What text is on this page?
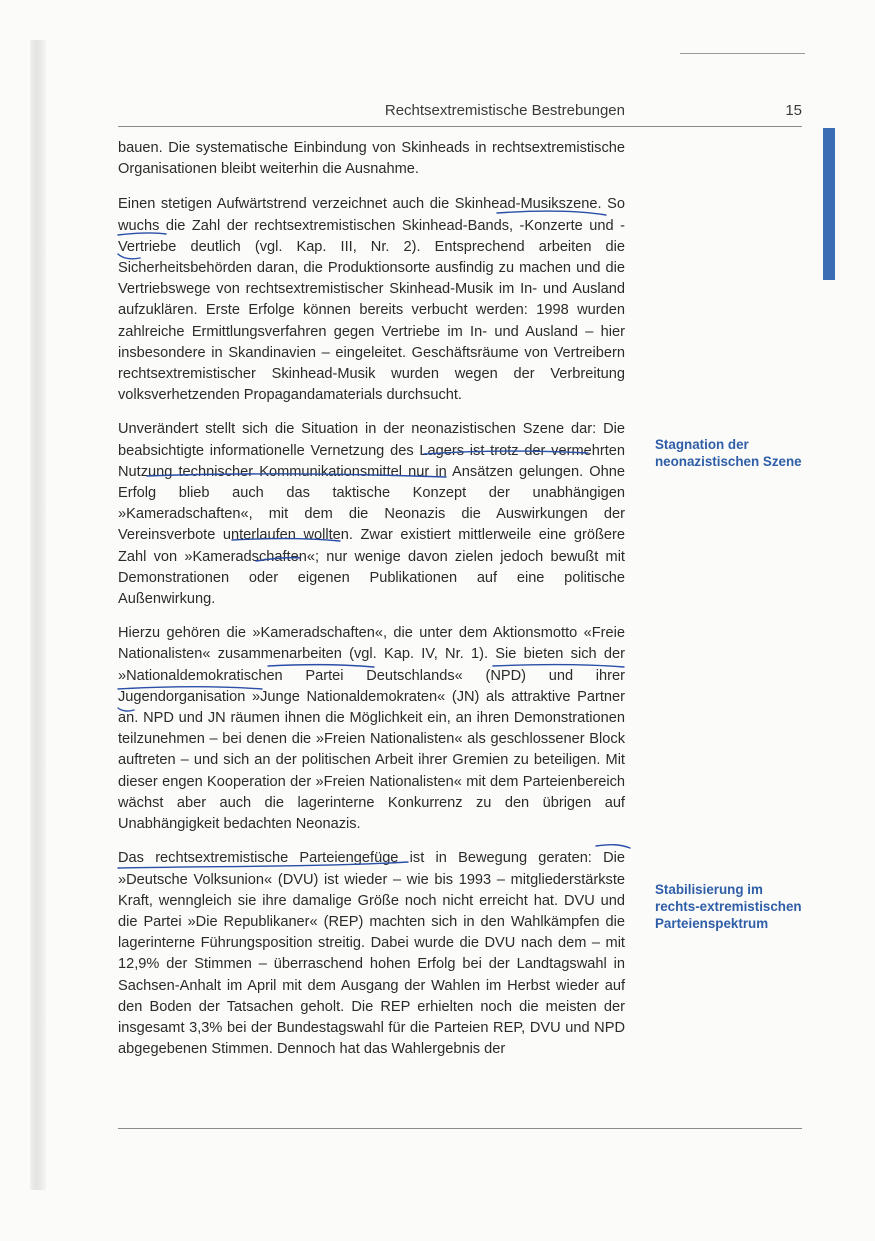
Rechtsextremistische Bestrebungen	15

bauen. Die systematische Einbindung von Skinheads in rechtsextremistische Organisationen bleibt weiterhin die Ausnahme.

Einen stetigen Aufwärtstrend verzeichnet auch die Skinhead-Musikszene. So wuchs die Zahl der rechtsextremistischen Skinhead-Bands, -Konzerte und -Vertriebe deutlich (vgl. Kap. III, Nr. 2). Entsprechend arbeiten die Sicherheitsbehörden daran, die Produktionsorte ausfindig zu machen und die Vertriebswege von rechtsextremistischer Skinhead-Musik im In- und Ausland aufzuklären. Erste Erfolge können bereits verbucht werden: 1998 wurden zahlreiche Ermittlungsverfahren gegen Vertriebe im In- und Ausland – hier insbesondere in Skandinavien – eingeleitet. Geschäftsräume von Vertreibern rechtsextremistischer Skinhead-Musik wurden wegen der Verbreitung volksverhetzenden Propagandamaterials durchsucht.

Unverändert stellt sich die Situation in der neonazistischen Szene dar: Die beabsichtigte informationelle Vernetzung des Lagers ist trotz der vermehrten Nutzung technischer Kommunikationsmittel nur in Ansätzen gelungen. Ohne Erfolg blieb auch das taktische Konzept der unabhängigen »Kameradschaften«, mit dem die Neonazis die Auswirkungen der Vereinsverbote unterlaufen wollten. Zwar existiert mittlerweile eine größere Zahl von »Kameradschaften«; nur wenige davon zielen jedoch bewußt mit Demonstrationen oder eigenen Publikationen auf eine politische Außenwirkung.

Hierzu gehören die »Kameradschaften«, die unter dem Aktionsmotto «Freie Nationalisten« zusammenarbeiten (vgl. Kap. IV, Nr. 1). Sie bieten sich der »Nationaldemokratischen Partei Deutschlands« (NPD) und ihrer Jugendorganisation »Junge Nationaldemokraten« (JN) als attraktive Partner an. NPD und JN räumen ihnen die Möglichkeit ein, an ihren Demonstrationen teilzunehmen – bei denen die »Freien Nationalisten« als geschlossener Block auftreten – und sich an der politischen Arbeit ihrer Gremien zu beteiligen. Mit dieser engen Kooperation der »Freien Nationalisten« mit dem Parteienbereich wächst aber auch die lagerinterne Konkurrenz zu den übrigen auf Unabhängigkeit bedachten Neonazis.

Das rechtsextremistische Parteiengefüge ist in Bewegung geraten: Die »Deutsche Volksunion« (DVU) ist wieder – wie bis 1993 – mitgliederstärkste Kraft, wenngleich sie ihre damalige Größe noch nicht erreicht hat. DVU und die Partei »Die Republikaner« (REP) machten sich in den Wahlkämpfen die lagerinterne Führungsposition streitig. Dabei wurde die DVU nach dem – mit 12,9% der Stimmen – überraschend hohen Erfolg bei der Landtagswahl in Sachsen-Anhalt im April mit dem Ausgang der Wahlen im Herbst wieder auf den Boden der Tatsachen geholt. Die REP erhielten noch die meisten der insgesamt 3,3% bei der Bundestagswahl für die Parteien REP, DVU und NPD abgegebenen Stimmen. Dennoch hat das Wahlergebnis der

Stagnation der neonazistischen Szene
Stabilisierung im rechts-extremistischen Parteienspektrum
